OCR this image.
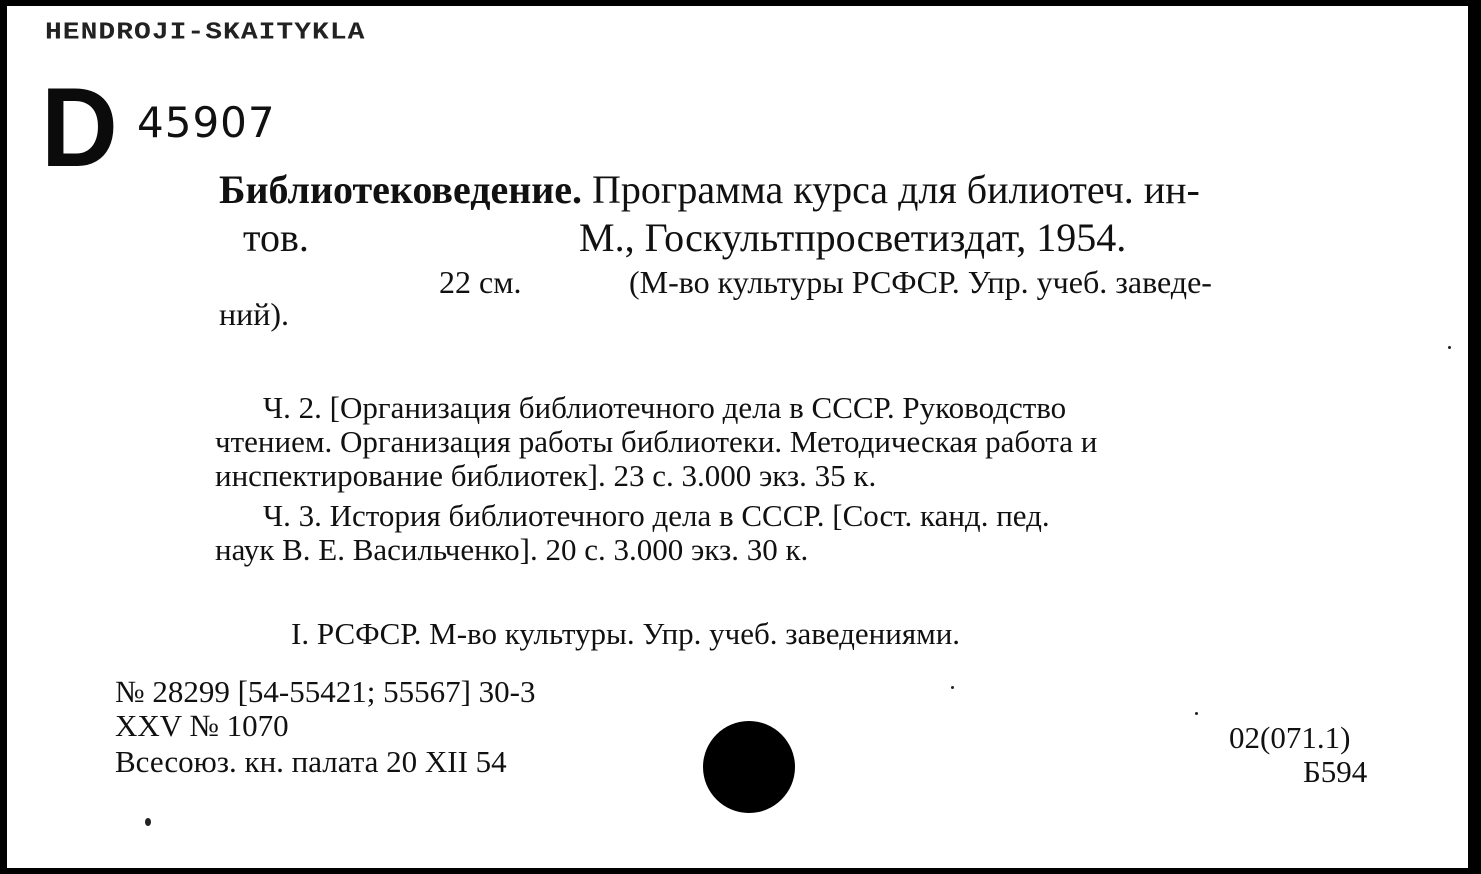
HENDROJI-SKAITYKLA
D 45907
Библиотековедение. Программа курса для билиотеч. ин-
тов.	М., Госкультпросветиздат, 1954.
22 см.	(М-во культуры РСФСР. Упр. учеб. заведе-
ний).
Ч. 2. [Организация библиотечного дела в СССР. Руководство
чтением. Организация работы библиотеки. Методическая работа и
инспектирование библиотек]. 23 с. 3.000 экз. 35 к.
Ч. 3. История библиотечного дела в СССР. [Сост. канд. пед.
наук В. Е. Васильченко]. 20 с. 3.000 экз. 30 к.
I. РСФСР. М-во культуры. Упр. учеб. заведениями.
№ 28299 [54-55421; 55567] 30-3
XXV № 1070
Всесоюз. кн. палата 20 XII 54
02(071.1)
Б594
